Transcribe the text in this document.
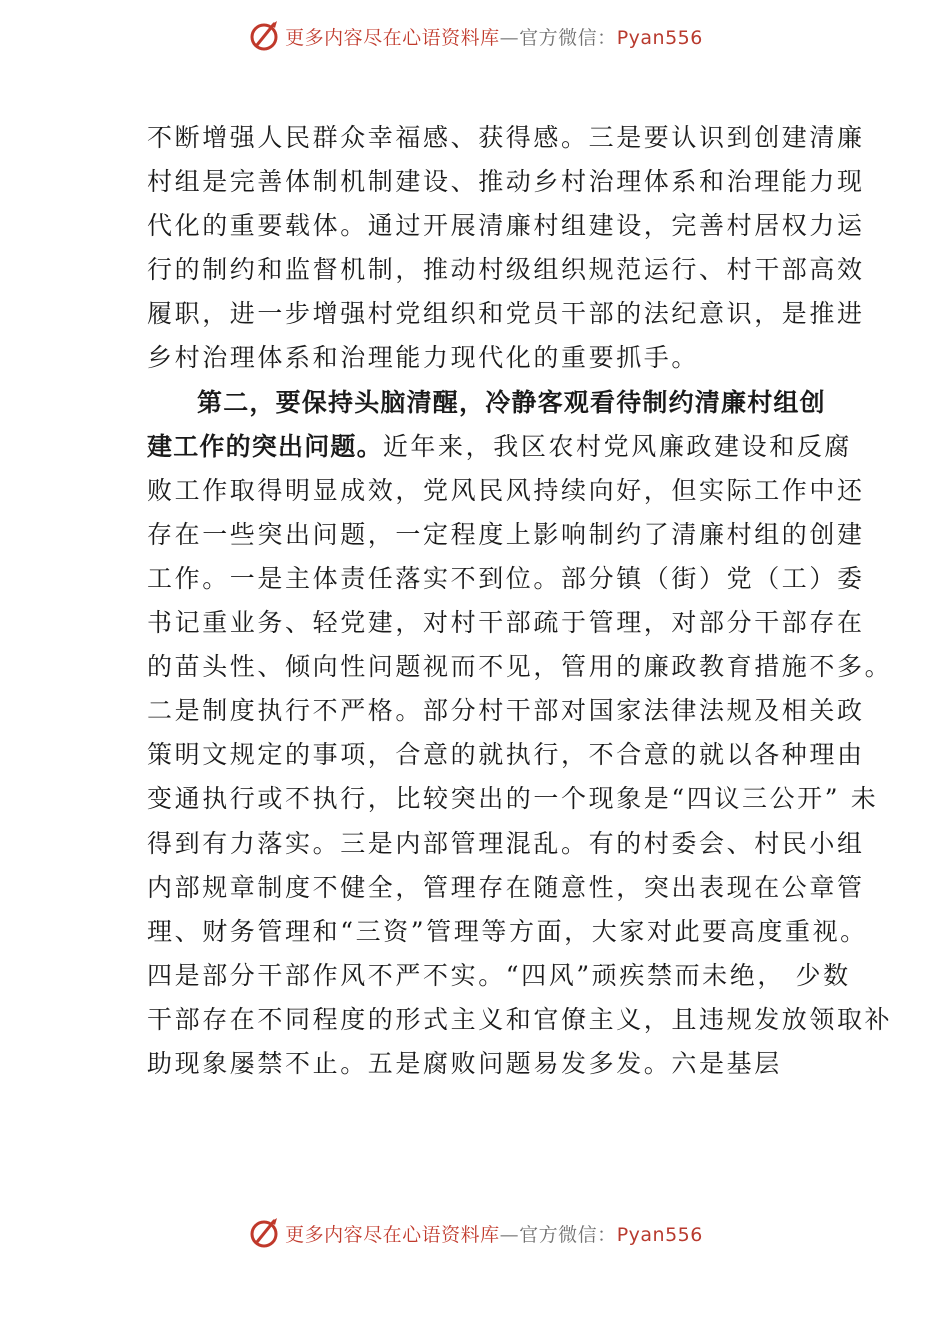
更多内容尽在心语资料库—官方微信：Pyan556
不断增强人民群众幸福感、获得感。三是要认识到创建清廉
村组是完善体制机制建设、推动乡村治理体系和治理能力现
代化的重要载体。通过开展清廉村组建设，完善村居权力运
行的制约和监督机制，推动村级组织规范运行、村干部高效
履职，进一步增强村党组织和党员干部的法纪意识，是推进
乡村治理体系和治理能力现代化的重要抓手。
第二，要保持头脑清醒，冷静客观看待制约清廉村组创
建工作的突出问题。近年来，我区农村党风廉政建设和反腐
败工作取得明显成效，党风民风持续向好，但实际工作中还
存在一些突出问题，一定程度上影响制约了清廉村组的创建
工作。一是主体责任落实不到位。部分镇（街）党（工）委
书记重业务、轻党建，对村干部疏于管理，对部分干部存在
的苗头性、倾向性问题视而不见，管用的廉政教育措施不多。
二是制度执行不严格。部分村干部对国家法律法规及相关政
策明文规定的事项，合意的就执行，不合意的就以各种理由
变通执行或不执行，比较突出的一个现象是“四议三公开” 未
得到有力落实。三是内部管理混乱。有的村委会、村民小组
内部规章制度不健全，管理存在随意性，突出表现在公章管
理、财务管理和“三资”管理等方面，大家对此要高度重视。
四是部分干部作风不严不实。“四风”顽疾禁而未绝， 少数
干部存在不同程度的形式主义和官僚主义，且违规发放领取补
助现象屡禁不止。五是腐败问题易发多发。六是基层
更多内容尽在心语资料库—官方微信：Pyan556
